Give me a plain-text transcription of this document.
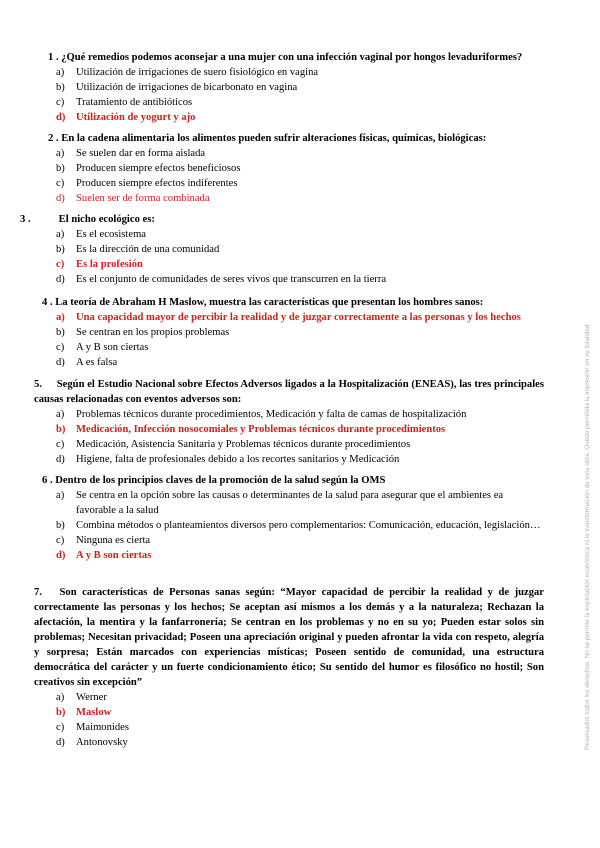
1 . ¿Qué remedios podemos aconsejar a una mujer con una infección vaginal por hongos levaduriformes?
a)	Utilización de irrigaciones de suero fisiológico en vagina
b)	Utilización de irrigaciones de bicarbonato en vagina
c)	Tratamiento de antibióticos
d) Utilización de yogurt y ajo
2 . En la cadena alimentaria los alimentos pueden sufrir alteraciones físicas, químicas, biológicas:
a)	Se suelen dar en forma aislada
b)	Producen siempre efectos beneficiosos
c)	Producen siempre efectos indiferentes
d)	Suelen ser de forma combinada
3 .	El nicho ecológico es:
a)	Es el ecosistema
b)	Es la dirección de una comunidad
c)	Es la profesión
d)	Es el conjunto de comunidades de seres vivos que transcurren en la tierra
4 . La teoría de Abraham H Maslow, muestra las características que presentan los hombres sanos:
a)	Una capacidad mayor de percibir la realidad y de juzgar correctamente a las personas y los hechos
b)	Se centran en los propios problemas
c)	A y B son ciertas
d)	A es falsa
5. Según el Estudio Nacional sobre Efectos Adversos ligados a la Hospitalización (ENEAS), las tres principales causas relacionadas con eventos adversos son:
a)	Problemas técnicos durante procedimientos, Medicación y falta de camas de hospitalización
b) Medicación, Infección nosocomiales y Problemas técnicos durante procedimientos
c)	Medicación, Asistencia Sanitaria y Problemas técnicos durante procedimientos
d)	Higiene, falta de profesionales debido a los recortes sanitarios y Medicación
6 . Dentro de los principios claves de la promoción de la salud según la OMS
a)	Se centra en la opción sobre las causas o determinantes de la salud para asegurar que el ambientes ea favorable a la salud
b)	Combina métodos o planteamientos diversos pero complementarios: Comunicación, educación, legislación…
c)	Ninguna es cierta
d) A y B son ciertas
7. Son características de Personas sanas según: “Mayor capacidad de percibir la realidad y de juzgar correctamente las personas y los hechos; Se aceptan así mismos a los demás y a la naturaleza; Rechazan la afectación, la mentira y la fanfarronería; Se centran en los problemas y no en su yo; Pueden estar solos sin problemas; Necesitan privacidad; Poseen una apreciación original y pueden afrontar la vida con respeto, alegría y sorpresa; Están marcados con experiencias místicas; Poseen sentido de comunidad, una estructura democrática del carácter y un fuerte condicionamiento ético; Su sentido del humor es filosófico no hostil; Son creativos sin excepción”
a)	Werner
b) Maslow
c)	Maimonides
d)	Antonovsky	Reservados todos los derechos. No se permite la explotación económica ni la transformación de esta obra. Queda permitida la impresión en su totalidad.
